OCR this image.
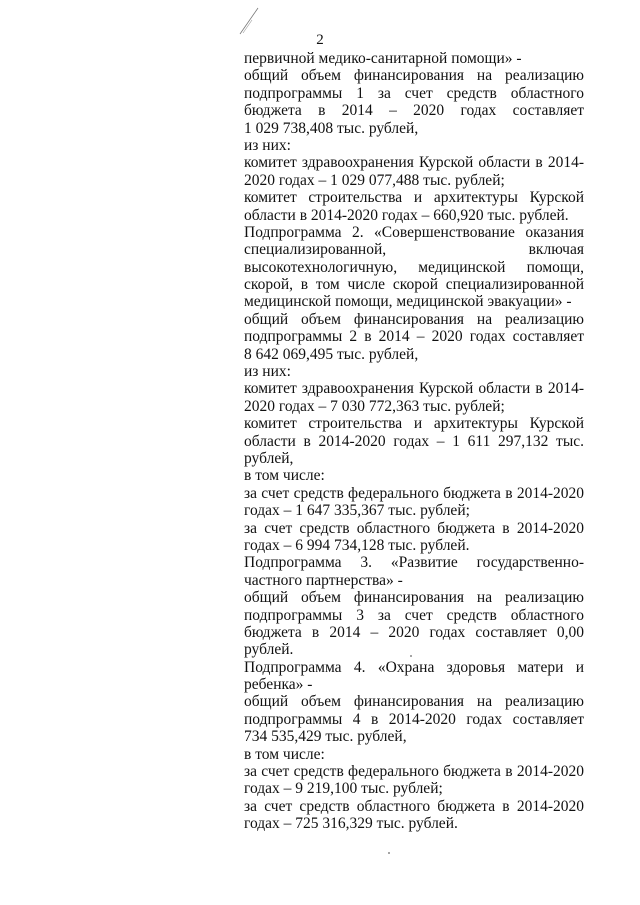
2
первичной медико-санитарной помощи» -
общий объем финансирования на реализацию
подпрограммы 1 за счет средств областного
бюджета в 2014 – 2020 годах составляет
1 029 738,408 тыс. рублей,
из них:
комитет здравоохранения Курской области в 2014-
2020 годах – 1 029 077,488 тыс. рублей;
комитет строительства и архитектуры Курской
области в 2014-2020 годах – 660,920 тыс. рублей.
Подпрограмма 2. «Совершенствование оказания
специализированной, включая
высокотехнологичную, медицинской помощи,
скорой, в том числе скорой специализированной
медицинской помощи, медицинской эвакуации» -
общий объем финансирования на реализацию
подпрограммы 2 в 2014 – 2020 годах составляет
8 642 069,495 тыс. рублей,
из них:
комитет здравоохранения Курской области в 2014-
2020 годах – 7 030 772,363 тыс. рублей;
комитет строительства и архитектуры Курской
области в 2014-2020 годах – 1 611 297,132 тыс.
рублей,
в том числе:
за счет средств федерального бюджета в 2014-2020
годах – 1 647 335,367 тыс. рублей;
за счет средств областного бюджета в 2014-2020
годах – 6 994 734,128 тыс. рублей.
Подпрограмма 3. «Развитие государственно-
частного партнерства» -
общий объем финансирования на реализацию
подпрограммы 3 за счет средств областного
бюджета в 2014 – 2020 годах составляет 0,00
рублей.
Подпрограмма 4. «Охрана здоровья матери и
ребенка» -
общий объем финансирования на реализацию
подпрограммы 4 в 2014-2020 годах составляет
734 535,429 тыс. рублей,
в том числе:
за счет средств федерального бюджета в 2014-2020
годах – 9 219,100 тыс. рублей;
за счет средств областного бюджета в 2014-2020
годах – 725 316,329 тыс. рублей.
